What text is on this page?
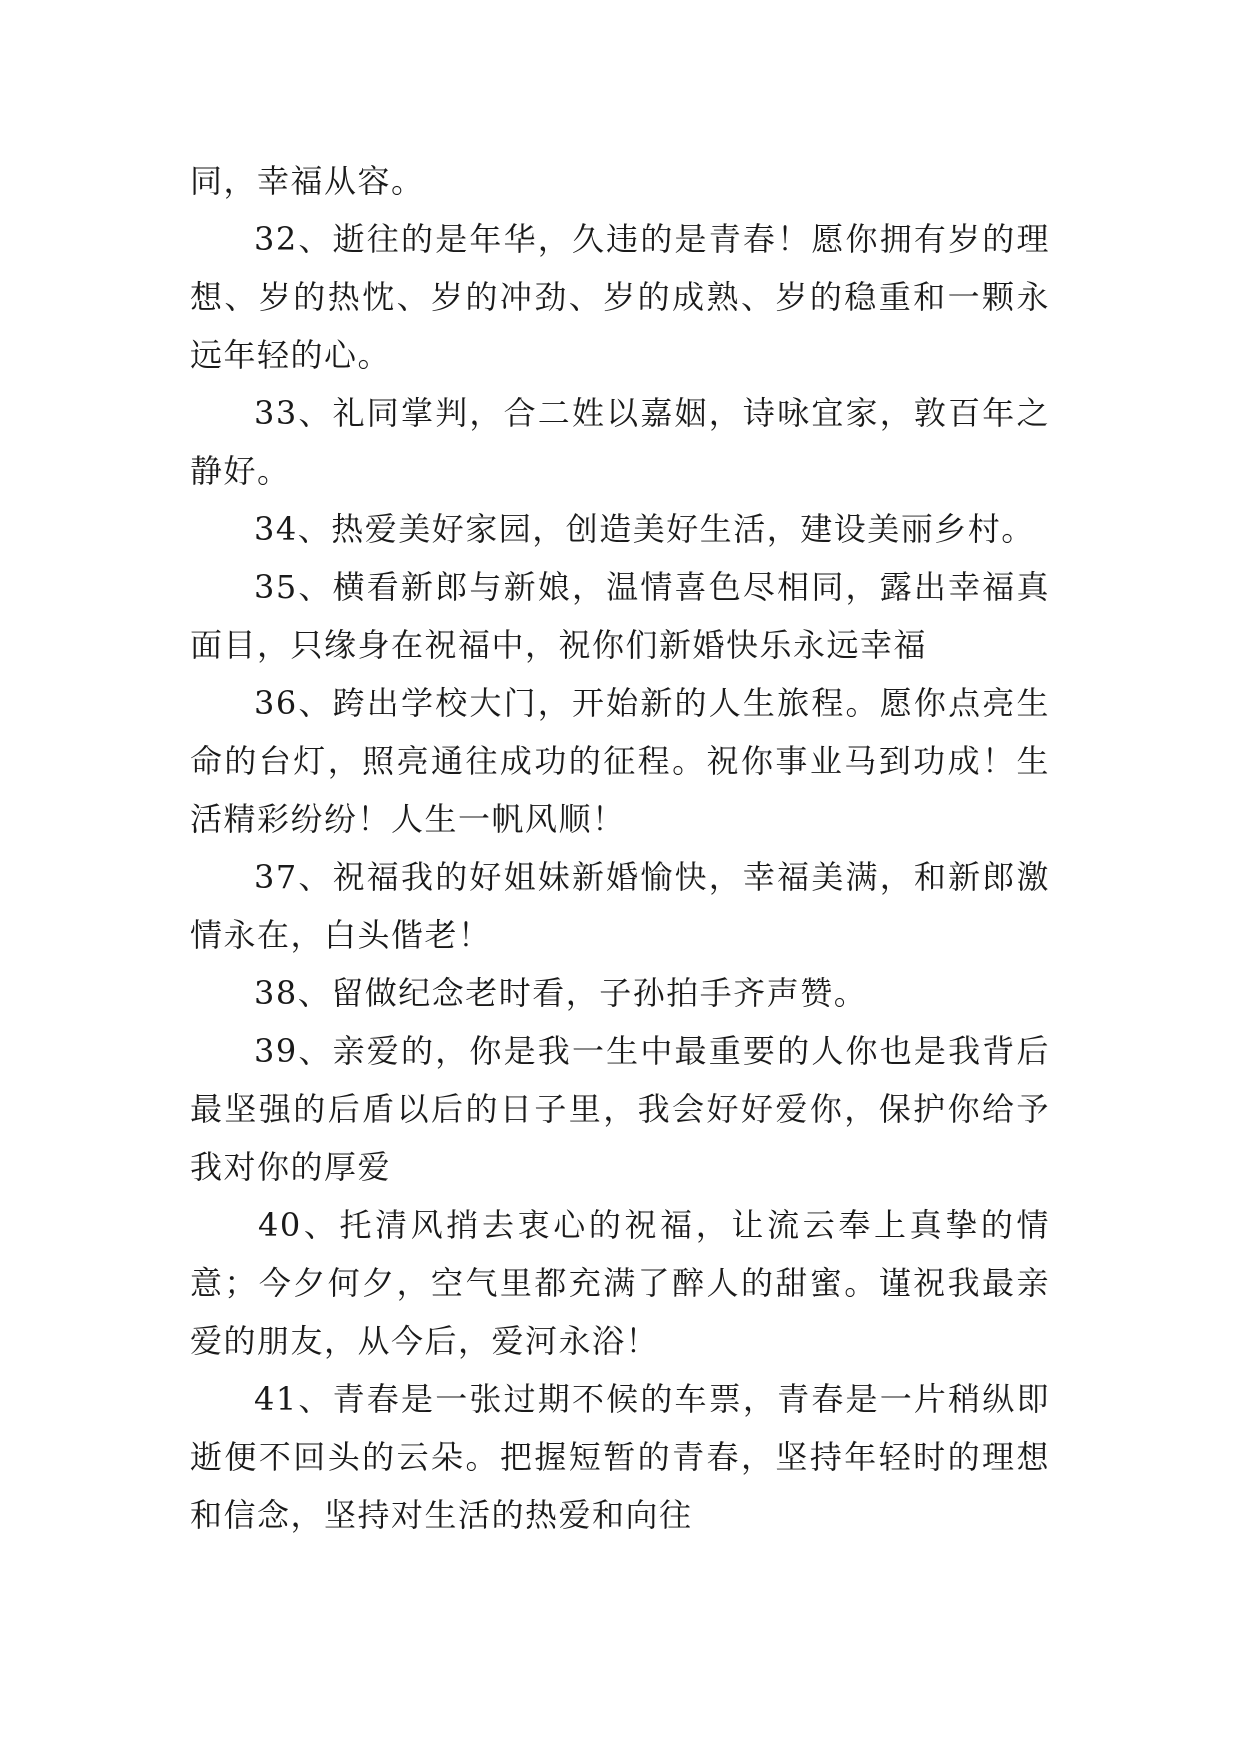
同，幸福从容。

32、逝往的是年华，久违的是青春！愿你拥有岁的理想、岁的热忱、岁的冲劲、岁的成熟、岁的稳重和一颗永远年轻的心。

33、礼同掌判，合二姓以嘉姻，诗咏宜家，敦百年之静好。

34、热爱美好家园，创造美好生活，建设美丽乡村。

35、横看新郎与新娘，温情喜色尽相同，露出幸福真面目，只缘身在祝福中，祝你们新婚快乐永远幸福

36、跨出学校大门，开始新的人生旅程。愿你点亮生命的台灯，照亮通往成功的征程。祝你事业马到功成！生活精彩纷纷！人生一帆风顺！

37、祝福我的好姐妹新婚愉快，幸福美满，和新郎激情永在，白头偕老！

38、留做纪念老时看，子孙拍手齐声赞。

39、亲爱的，你是我一生中最重要的人你也是我背后最坚强的后盾以后的日子里，我会好好爱你，保护你给予我对你的厚爱

40、托清风捎去衷心的祝福，让流云奉上真挚的情意；今夕何夕，空气里都充满了醉人的甜蜜。谨祝我最亲爱的朋友，从今后，爱河永浴！

41、青春是一张过期不候的车票，青春是一片稍纵即逝便不回头的云朵。把握短暂的青春，坚持年轻时的理想和信念，坚持对生活的热爱和向往
